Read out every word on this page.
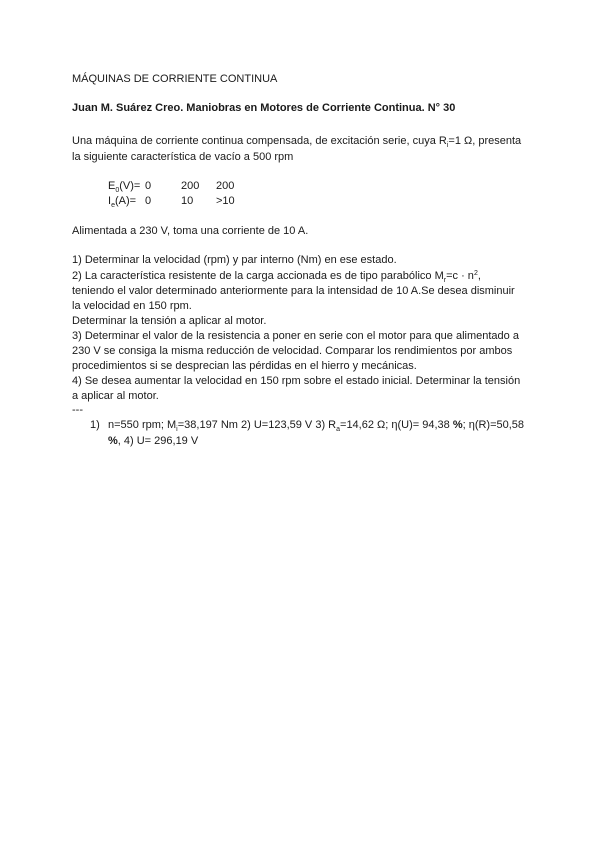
MÁQUINAS DE CORRIENTE CONTINUA
Juan M. Suárez Creo. Maniobras en Motores de Corriente Continua. N° 30
Una máquina de corriente continua compensada, de excitación serie, cuya $R_i=1$ Ω, presenta
la siguiente característica de vacío a 500 rpm
$E_0(V)= 0$	200 200
$I_e(A)= 0$	10 >10
Alimentada a 230 V, toma una corriente de 10 A.
1) Determinar la velocidad (rpm) y par interno (Nm) en ese estado.
2) La característica resistente de la carga accionada es de tipo parabólico $M_r=c \cdot n^2$,
teniendo el valor determinado anteriormente para la intensidad de 10 A.Se desea disminuir
la velocidad en 150 rpm.
Determinar la tensión a aplicar al motor.
3) Determinar el valor de la resistencia a poner en serie con el motor para que alimentado a
230 V se consiga la misma reducción de velocidad. Comparar los rendimientos por ambos
procedimientos si se desprecian las pérdidas en el hierro y mecánicas.
4) Se desea aumentar la velocidad en 150 rpm sobre el estado inicial. Determinar la tensión
a aplicar al motor.
--‐
1) n=550 rpm; $M_i=38,197$ Nm 2) U=123,59 V 3) $R_a=14,62$ Ω; η(U)= 94,38 %; η(R)=50,58
%, 4) U= 296,19 V
